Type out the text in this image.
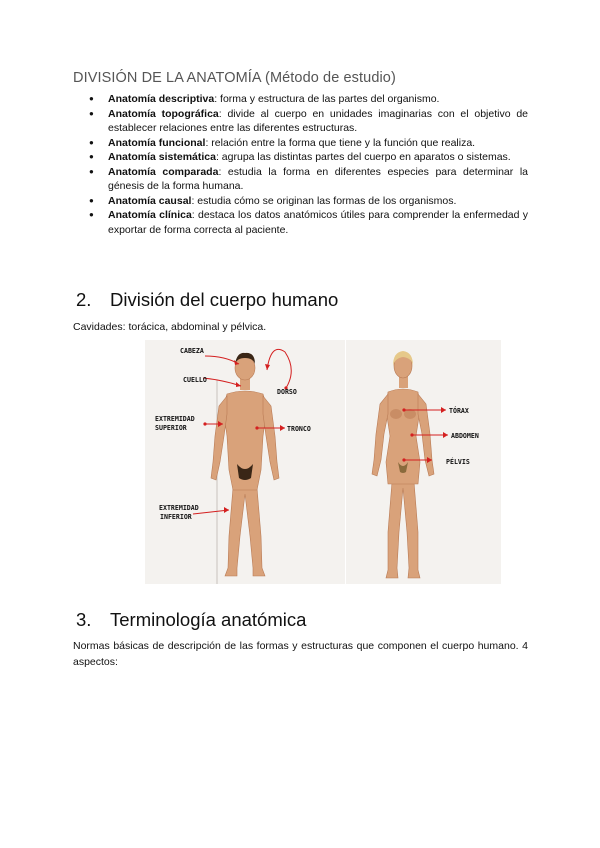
DIVISIÓN DE LA ANATOMÍA (Método de estudio)
● Anatomía descriptiva: forma y estructura de las partes del organismo.
● Anatomía topográfica: divide al cuerpo en unidades imaginarias con el objetivo de establecer relaciones entre las diferentes estructuras.
● Anatomía funcional: relación entre la forma que tiene y la función que realiza.
● Anatomía sistemática: agrupa las distintas partes del cuerpo en aparatos o sistemas.
● Anatomía comparada: estudia la forma en diferentes especies para determinar la génesis de la forma humana.
● Anatomía causal: estudia cómo se originan las formas de los organismos.
● Anatomía clínica: destaca los datos anatómicos útiles para comprender la enfermedad y exportar de forma correcta al paciente.
2. División del cuerpo humano
Cavidades: torácica, abdominal y pélvica.
CABEZA
CUELLO
DORSO
EXTREMIDAD
SUPERIOR	TRONCO
EXTREMIDAD
INFERIOR
TÓRAX
ABDOMEN
PÉLVIS
3. Terminología anatómica
Normas básicas de descripción de las formas y estructuras que componen el cuerpo humano. 4 aspectos:
